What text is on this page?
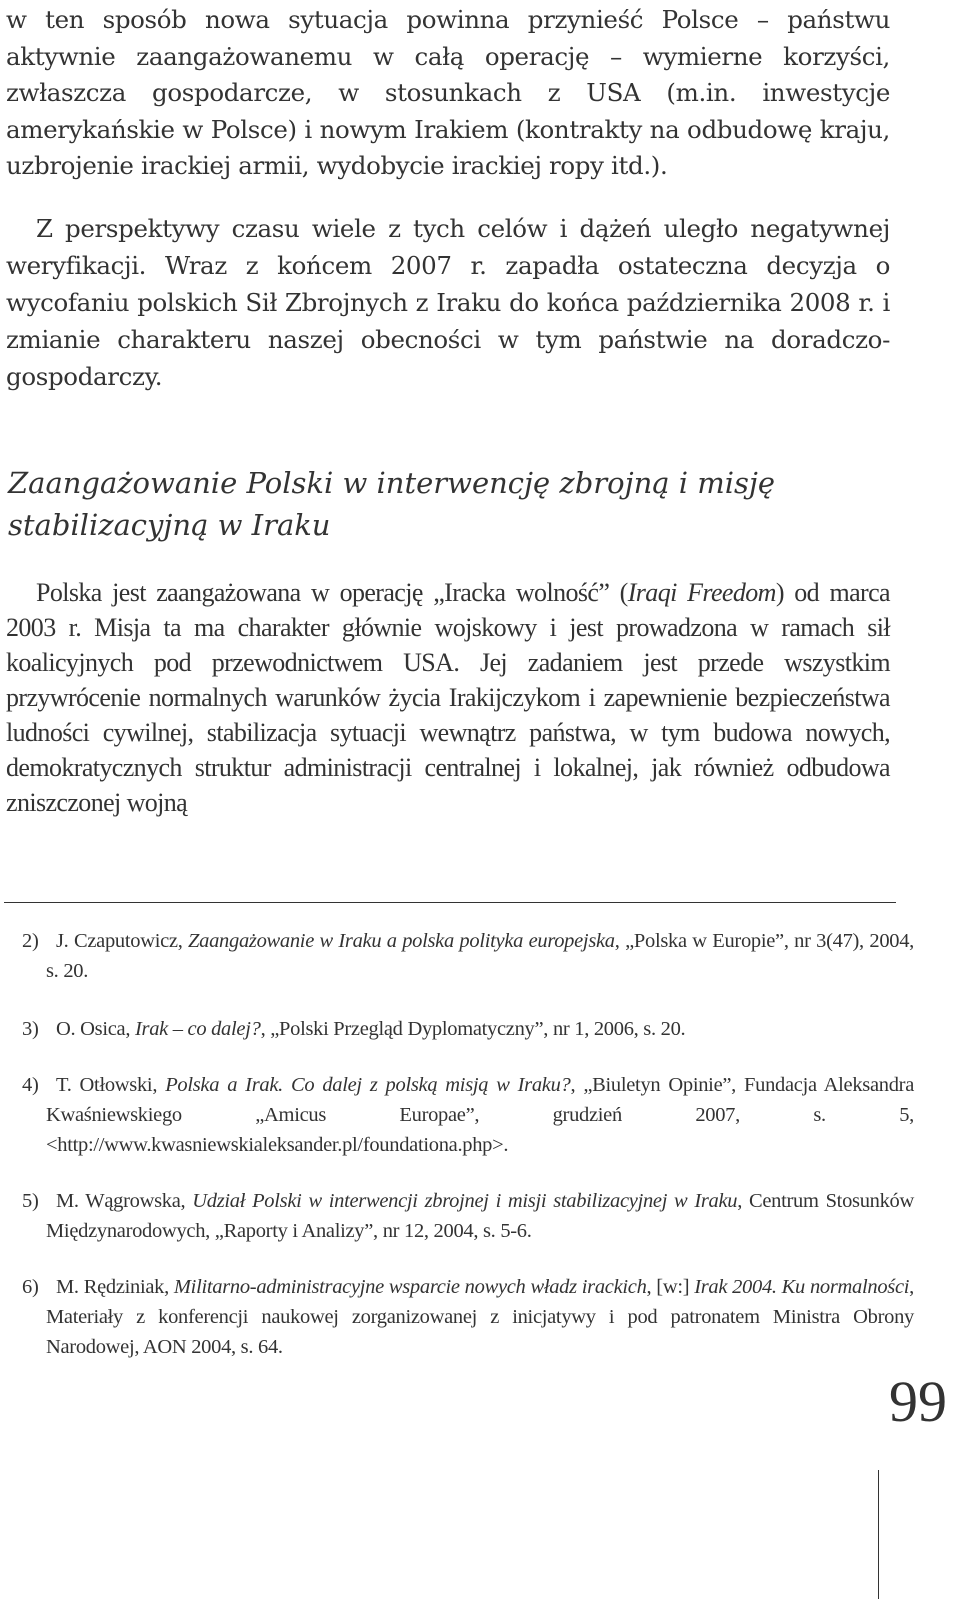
w ten sposób nowa sytuacja powinna przynieść Polsce – państwu aktywnie zaangażowanemu w całą operację – wymierne korzyści, zwłaszcza gospodarcze, w stosunkach z USA (m.in. inwestycje amerykańskie w Polsce) i nowym Irakiem (kontrakty na odbudowę kraju, uzbrojenie irackiej armii, wydobycie irackiej ropy itd.).

Z perspektywy czasu wiele z tych celów i dążeń uległo negatywnej weryfikacji. Wraz z końcem 2007 r. zapadła ostateczna decyzja o wycofaniu polskich Sił Zbrojnych z Iraku do końca października 2008 r. i zmianie charakteru naszej obecności w tym państwie na doradczo-gospodarczy.

Zaangażowanie Polski w interwencję zbrojną i misję stabilizacyjną w Iraku

Polska jest zaangażowana w operację „Iracka wolność” (Iraqi Freedom) od marca 2003 r. Misja ta ma charakter głównie wojskowy i jest prowadzona w ramach sił koalicyjnych pod przewodnictwem USA. Jej zadaniem jest przede wszystkim przywrócenie normalnych warunków życia Irakijczykom i zapewnienie bezpieczeństwa ludności cywilnej, stabilizacja sytuacji wewnątrz państwa, w tym budowa nowych, demokratycznych struktur administracji centralnej i lokalnej, jak również odbudowa zniszczonej wojną

2) J. Czaputowicz, Zaangażowanie w Iraku a polska polityka europejska, „Polska w Europie”, nr 3(47), 2004, s. 20.

3) O. Osica, Irak – co dalej?, „Polski Przegląd Dyplomatyczny”, nr 1, 2006, s. 20.

4) T. Otłowski, Polska a Irak. Co dalej z polską misją w Iraku?, „Biuletyn Opinie”, Fundacja Aleksandra Kwaśniewskiego „Amicus Europae”, grudzień 2007, s. 5, <http://www.kwasniewskialeksander.pl/foundationa.php>.

5) M. Wągrowska, Udział Polski w interwencji zbrojnej i misji stabilizacyjnej w Iraku, Centrum Stosunków Międzynarodowych, „Raporty i Analizy”, nr 12, 2004, s. 5-6.

6) M. Rędziniak, Militarno-administracyjne wsparcie nowych władz irackich, [w:] Irak 2004. Ku normalności, Materiały z konferencji naukowej zorganizowanej z inicjatywy i pod patronatem Ministra Obrony Narodowej, AON 2004, s. 64.

99
